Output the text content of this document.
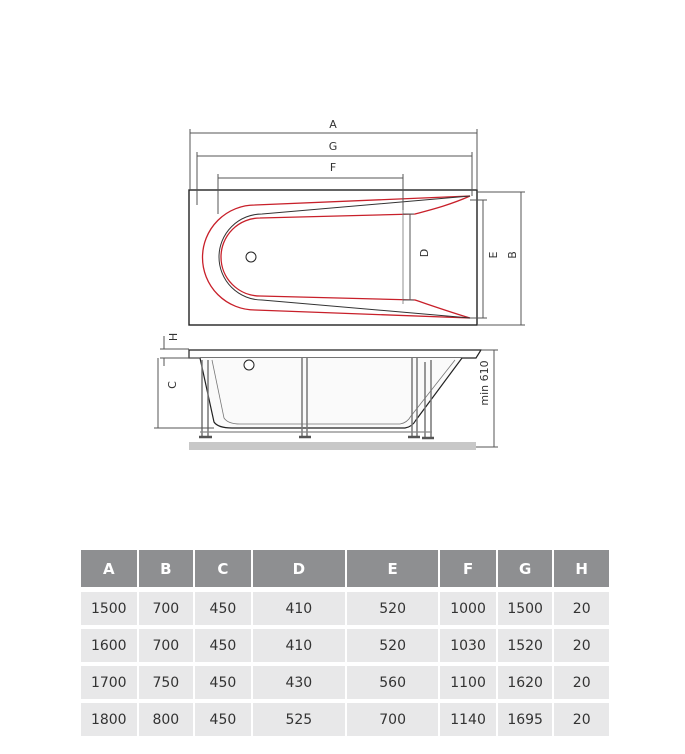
A
G
F
D	E B
H
C	min 610
A	B	C	D	E	F	G	H
1500	700	450	410	520	1000	1500	20
1600	700	450	410	520	1030	1520	20
1700	750	450	430	560	1100	1620	20
1800	800	450	525	700	1140	1695	20
